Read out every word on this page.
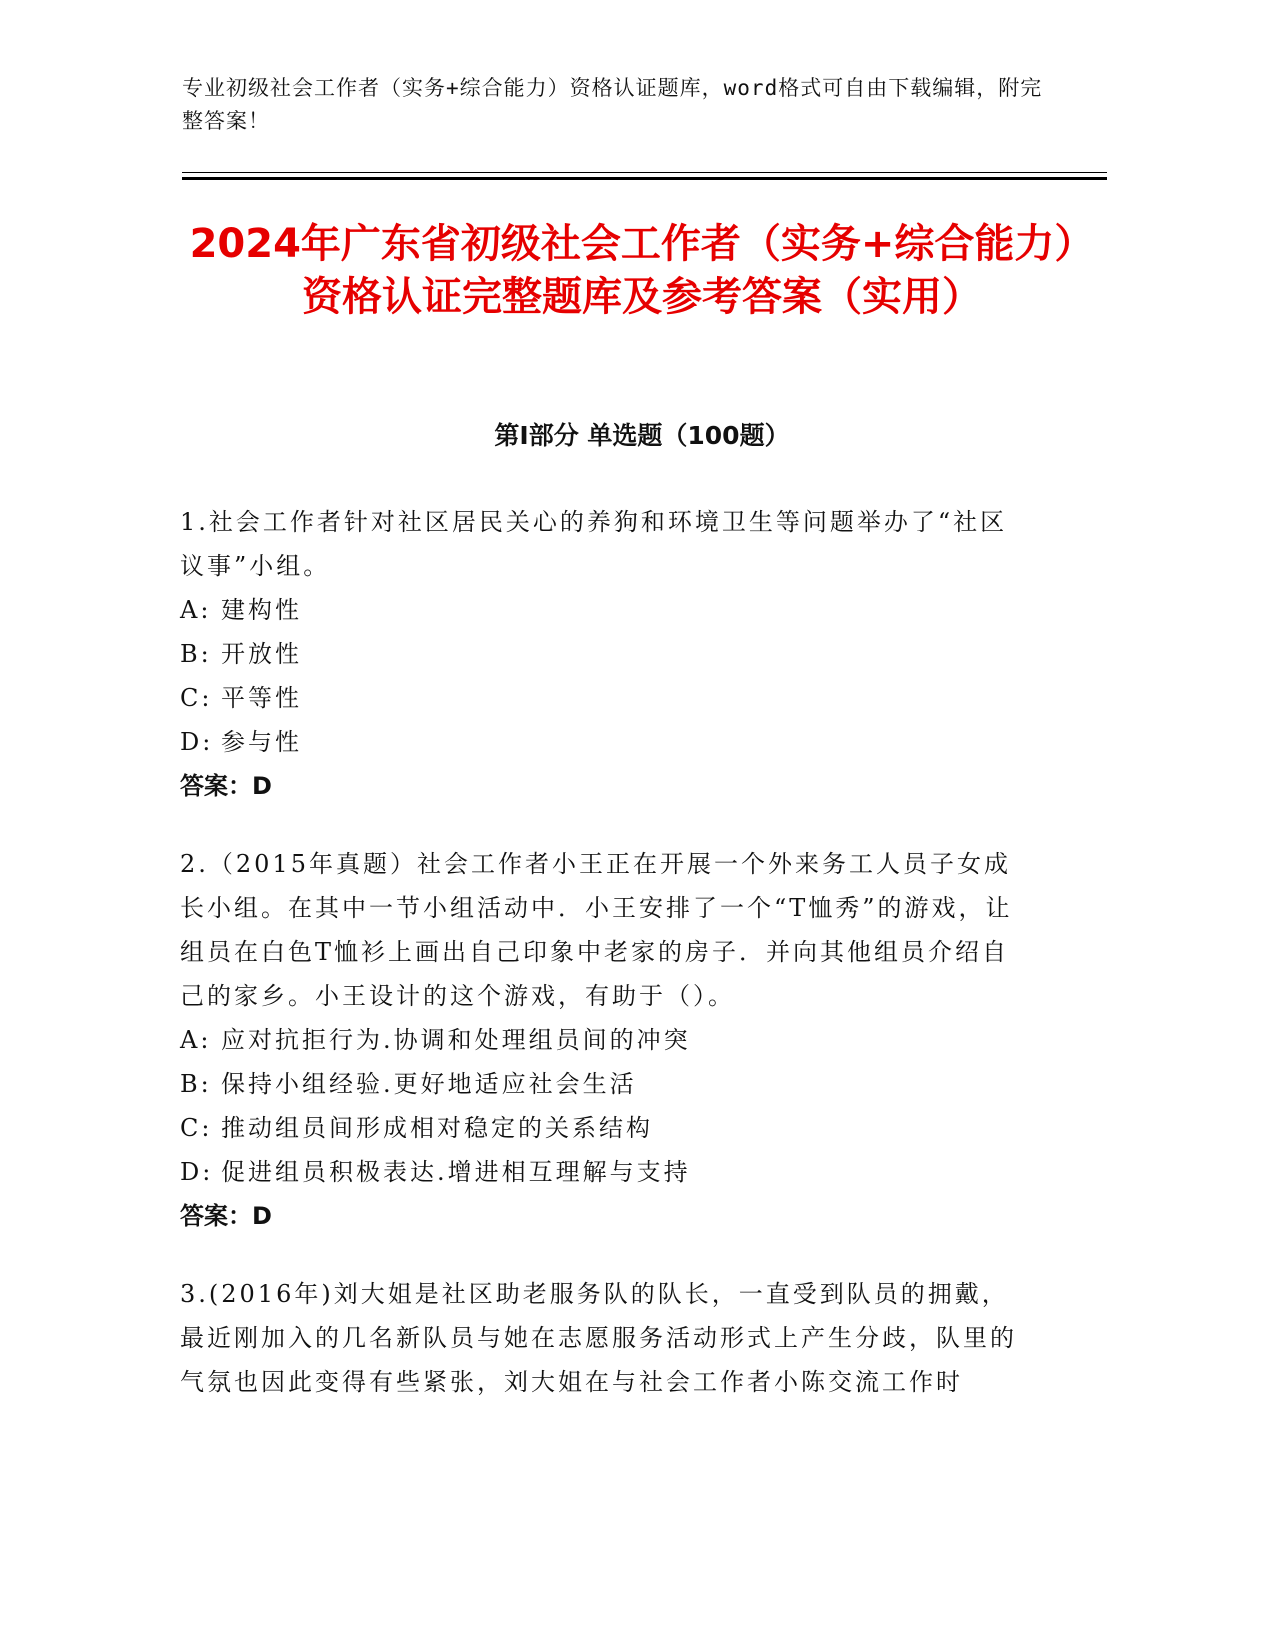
专业初级社会工作者（实务+综合能力）资格认证题库，word格式可自由下载编辑，附完整答案！
2024年广东省初级社会工作者（实务+综合能力）资格认证完整题库及参考答案（实用）
第I部分 单选题（100题）
1.社会工作者针对社区居民关心的养狗和环境卫生等问题举办了“社区议事”小组。
A: 建构性
B: 开放性
C: 平等性
D: 参与性
答案：D
2.（2015年真题）社会工作者小王正在开展一个外来务工人员子女成长小组。在其中一节小组活动中．小王安排了一个“T恤秀”的游戏，让组员在白色T恤衫上画出自己印象中老家的房子．并向其他组员介绍自己的家乡。小王设计的这个游戏，有助于（）。
A: 应对抗拒行为.协调和处理组员间的冲突
B: 保持小组经验.更好地适应社会生活
C: 推动组员间形成相对稳定的关系结构
D: 促进组员积极表达.增进相互理解与支持
答案：D
3.(2016年)刘大姐是社区助老服务队的队长，一直受到队员的拥戴，最近刚加入的几名新队员与她在志愿服务活动形式上产生分歧，队里的气氛也因此变得有些紧张，刘大姐在与社会工作者小陈交流工作时
